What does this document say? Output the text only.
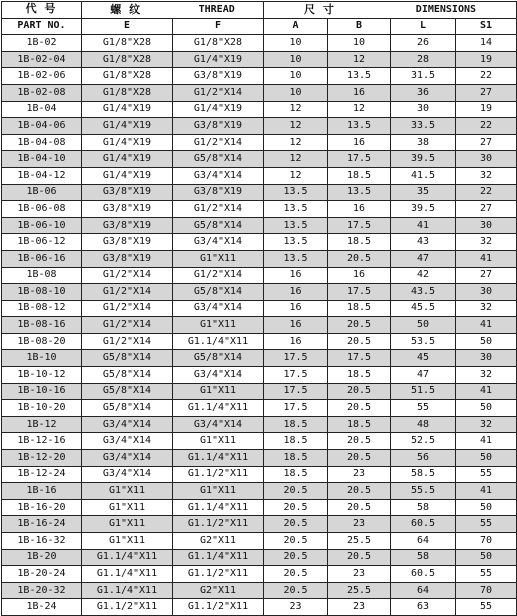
代 号	螺 纹 THREAD		尺 寸 DIMENSIONS			

PART NO.	E	F	A	B	L	S1
1B-02	G1/8"X28	G1/8"X28	10	10	26	14
1B-02-04	G1/8"X28	G1/4"X19	10	12	28	19
1B-02-06	G1/8"X28	G3/8"X19	10	13.5	31.5	22
1B-02-08	G1/8"X28	G1/2"X14	10	16	36	27
1B-04	G1/4"X19	G1/4"X19	12	12	30	19
1B-04-06	G1/4"X19	G3/8"X19	12	13.5	33.5	22
1B-04-08	G1/4"X19	G1/2"X14	12	16	38	27
1B-04-10	G1/4"X19	G5/8"X14	12	17.5	39.5	30
1B-04-12	G1/4"X19	G3/4"X14	12	18.5	41.5	32
1B-06	G3/8"X19	G3/8"X19	13.5	13.5	35	22
1B-06-08	G3/8"X19	G1/2"X14	13.5	16	39.5	27
1B-06-10	G3/8"X19	G5/8"X14	13.5	17.5	41	30
1B-06-12	G3/8"X19	G3/4"X14	13.5	18.5	43	32
1B-06-16	G3/8"X19	G1"X11	13.5	20.5	47	41
1B-08	G1/2"X14	G1/2"X14	16	16	42	27
1B-08-10	G1/2"X14	G5/8"X14	16	17.5	43.5	30
1B-08-12	G1/2"X14	G3/4"X14	16	18.5	45.5	32
1B-08-16	G1/2"X14	G1"X11	16	20.5	50	41
1B-08-20	G1/2"X14	G1.1/4"X11	16	20.5	53.5	50
1B-10	G5/8"X14	G5/8"X14	17.5	17.5	45	30
1B-10-12	G5/8"X14	G3/4"X14	17.5	18.5	47	32
1B-10-16	G5/8"X14	G1"X11	17.5	20.5	51.5	41
1B-10-20	G5/8"X14	G1.1/4"X11	17.5	20.5	55	50
1B-12	G3/4"X14	G3/4"X14	18.5	18.5	48	32
1B-12-16	G3/4"X14	G1"X11	18.5	20.5	52.5	41
1B-12-20	G3/4"X14	G1.1/4"X11	18.5	20.5	56	50
1B-12-24	G3/4"X14	G1.1/2"X11	18.5	23	58.5	55
1B-16	G1"X11	G1"X11	20.5	20.5	55.5	41
1B-16-20	G1"X11	G1.1/4"X11	20.5	20.5	58	50
1B-16-24	G1"X11	G1.1/2"X11	20.5	23	60.5	55
1B-16-32	G1"X11	G2"X11	20.5	25.5	64	70
1B-20	G1.1/4"X11	G1.1/4"X11	20.5	20.5	58	50
1B-20-24	G1.1/4"X11	G1.1/2"X11	20.5	23	60.5	55
1B-20-32	G1.1/4"X11	G2"X11	20.5	25.5	64	70
1B-24	G1.1/2"X11	G1.1/2"X11	23	23	63	55
